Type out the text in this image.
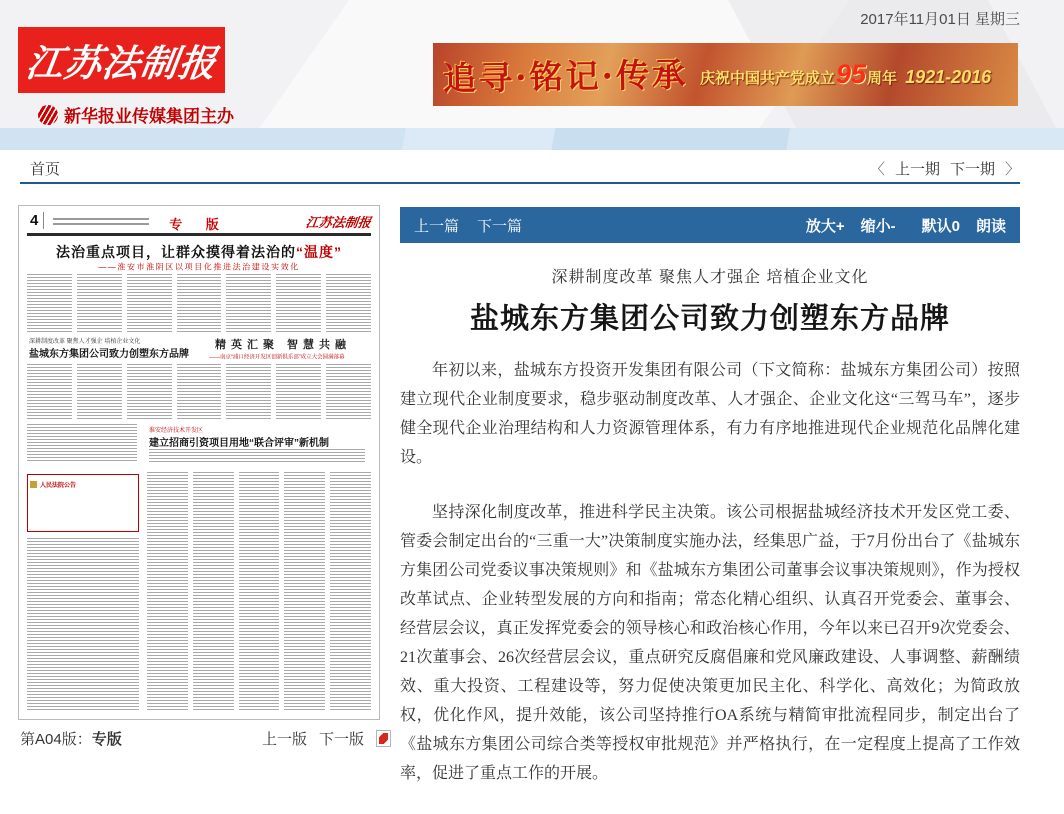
2017年11月01日 星期三
江苏法制报
新华报业传媒集团主办
追寻·铭记·传承 庆祝中国共产党成立 95 周年 1921-2016
首页	〈 上一期 下一期 〉
4	专 版	江苏法制报
法治重点项目，让群众摸得着法治的“温度”
——淮安市淮阴区以项目化推进法治建设实效化
深耕制度改革 聚焦人才强企 培植企业文化
盐城东方集团公司致力创塑东方品牌
精英汇聚 智慧共融
——南京“浦口经济开发区创新俱乐部”成立大会圆满落幕
淮安经济技术开发区
建立招商引资项目用地“联合评审”新机制
人民法院公告
上一篇 下一篇	放大+ 缩小- 默认0 朗读
深耕制度改革 聚焦人才强企 培植企业文化
盐城东方集团公司致力创塑东方品牌

年初以来，盐城东方投资开发集团有限公司（下文简称：盐城东方集团公司）按照建立现代企业制度要求，稳步驱动制度改革、人才强企、企业文化这“三驾马车”，逐步健全现代企业治理结构和人力资源管理体系，有力有序地推进现代企业规范化品牌化建设。

坚持深化制度改革，推进科学民主决策。该公司根据盐城经济技术开发区党工委、管委会制定出台的“三重一大”决策制度实施办法，经集思广益，于7月份出台了《盐城东方集团公司党委议事决策规则》和《盐城东方集团公司董事会议事决策规则》，作为授权改革试点、企业转型发展的方向和指南；常态化精心组织、认真召开党委会、董事会、经营层会议，真正发挥党委会的领导核心和政治核心作用，今年以来已召开9次党委会、21次董事会、26次经营层会议，重点研究反腐倡廉和党风廉政建设、人事调整、薪酬绩效、重大投资、工程建设等，努力促使决策更加民主化、科学化、高效化；为简政放权，优化作风，提升效能，该公司坚持推行OA系统与精简审批流程同步，制定出台了《盐城东方集团公司综合类等授权审批规范》并严格执行，在一定程度上提高了工作效率，促进了重点工作的开展。

第A04版：专版	上一版 下一版
